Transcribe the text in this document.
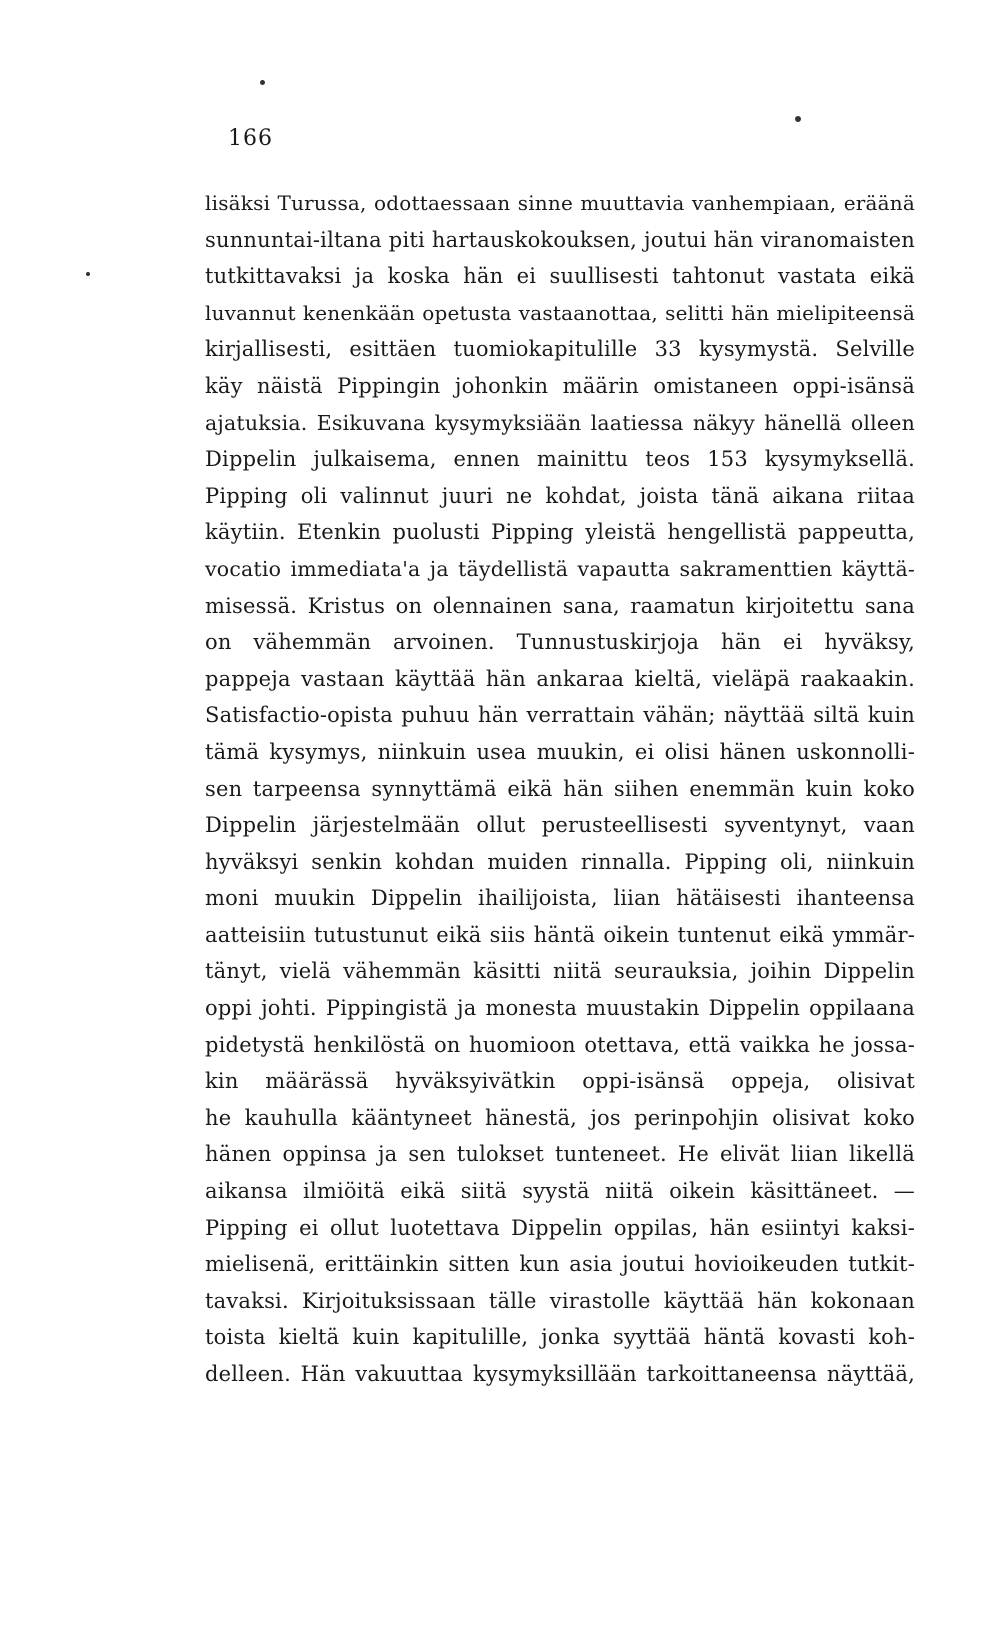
166
lisäksi Turussa, odottaessaan sinne muuttavia vanhempiaan, eräänä
sunnuntai-iltana piti hartauskokouksen, joutui hän viranomaisten
tutkittavaksi ja koska hän ei suullisesti tahtonut vastata eikä
luvannut kenenkään opetusta vastaanottaa, selitti hän mielipiteensä
kirjallisesti, esittäen tuomiokapitulille 33 kysymystä. Selville
käy näistä Pippingin johonkin määrin omistaneen oppi-isänsä
ajatuksia. Esikuvana kysymyksiään laatiessa näkyy hänellä olleen
Dippelin julkaisema, ennen mainittu teos 153 kysymyksellä.
Pipping oli valinnut juuri ne kohdat, joista tänä aikana riitaa
käytiin. Etenkin puolusti Pipping yleistä hengellistä pappeutta,
vocatio immediata'a ja täydellistä vapautta sakramenttien käyttä-
misessä. Kristus on olennainen sana, raamatun kirjoitettu sana
on vähemmän arvoinen. Tunnustuskirjoja hän ei hyväksy,
pappeja vastaan käyttää hän ankaraa kieltä, vieläpä raakaakin.
Satisfactio-opista puhuu hän verrattain vähän; näyttää siltä kuin
tämä kysymys, niinkuin usea muukin, ei olisi hänen uskonnolli-
sen tarpeensa synnyttämä eikä hän siihen enemmän kuin koko
Dippelin järjestelmään ollut perusteellisesti syventynyt, vaan
hyväksyi senkin kohdan muiden rinnalla. Pipping oli, niinkuin
moni muukin Dippelin ihailijoista, liian hätäisesti ihanteensa
aatteisiin tutustunut eikä siis häntä oikein tuntenut eikä ymmär-
tänyt, vielä vähemmän käsitti niitä seurauksia, joihin Dippelin
oppi johti. Pippingistä ja monesta muustakin Dippelin oppilaana
pidetystä henkilöstä on huomioon otettava, että vaikka he jossa-
kin määrässä hyväksyivätkin oppi-isänsä oppeja, olisivat
he kauhulla kääntyneet hänestä, jos perinpohjin olisivat koko
hänen oppinsa ja sen tulokset tunteneet. He elivät liian likellä
aikansa ilmiöitä eikä siitä syystä niitä oikein käsittäneet. —
Pipping ei ollut luotettava Dippelin oppilas, hän esiintyi kaksi-
mielisenä, erittäinkin sitten kun asia joutui hovioikeuden tutkit-
tavaksi. Kirjoituksissaan tälle virastolle käyttää hän kokonaan
toista kieltä kuin kapitulille, jonka syyttää häntä kovasti koh-
delleen. Hän vakuuttaa kysymyksillään tarkoittaneensa näyttää,
